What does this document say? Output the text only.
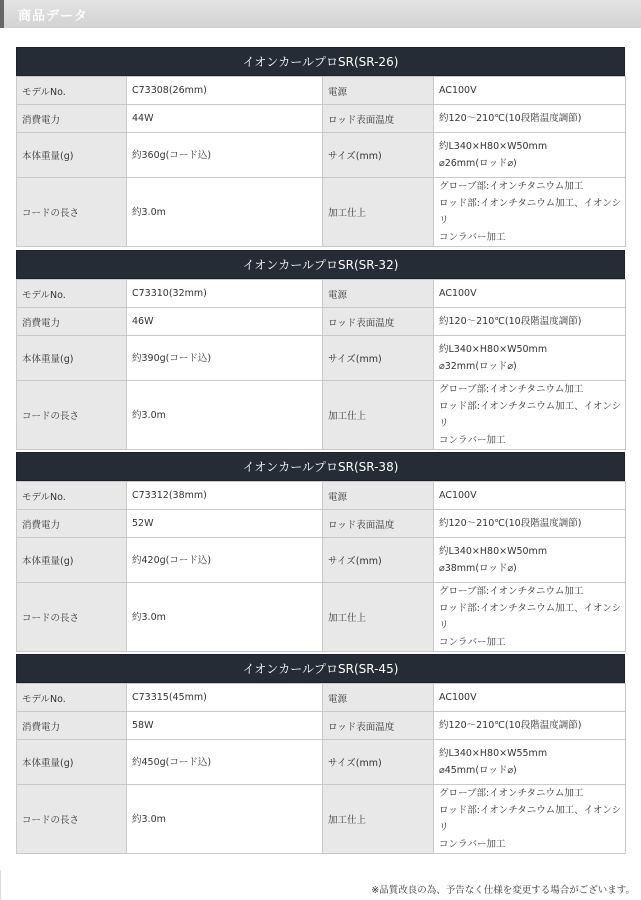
商品データ
イオンカールプロSR(SR-26)
モデルNo.	C73308(26mm)	電源	AC100V
消費電力	44W	ロッド表面温度	約120～210℃(10段階温度調節)
本体重量(g)	約360g(コード込)	サイズ(mm)	約L340×H80×W50mm
⌀26mm(ロッド⌀)

コードの長さ	約3.0m	加工仕上	グローブ部:イオンチタニウム加工
ロッド部:イオンチタニウム加工、イオンシリ
コンラバー加工
イオンカールプロSR(SR-32)
モデルNo.	C73310(32mm)	電源	AC100V
消費電力	46W	ロッド表面温度	約120～210℃(10段階温度調節)
本体重量(g)	約390g(コード込)	サイズ(mm)	約L340×H80×W50mm
⌀32mm(ロッド⌀)

コードの長さ	約3.0m	加工仕上	グローブ部:イオンチタニウム加工
ロッド部:イオンチタニウム加工、イオンシリ
コンラバー加工
イオンカールプロSR(SR-38)
モデルNo.	C73312(38mm)	電源	AC100V
消費電力	52W	ロッド表面温度	約120～210℃(10段階温度調節)
本体重量(g)	約420g(コード込)	サイズ(mm)	約L340×H80×W50mm
⌀38mm(ロッド⌀)

コードの長さ	約3.0m	加工仕上	グローブ部:イオンチタニウム加工
ロッド部:イオンチタニウム加工、イオンシリ
コンラバー加工
イオンカールプロSR(SR-45)
モデルNo.	C73315(45mm)	電源	AC100V
消費電力	58W	ロッド表面温度	約120～210℃(10段階温度調節)
本体重量(g)	約450g(コード込)	サイズ(mm)	約L340×H80×W55mm
⌀45mm(ロッド⌀)

コードの長さ	約3.0m	加工仕上	グローブ部:イオンチタニウム加工
ロッド部:イオンチタニウム加工、イオンシリ
コンラバー加工
※品質改良の為、予告なく仕様を変更する場合がございます。
